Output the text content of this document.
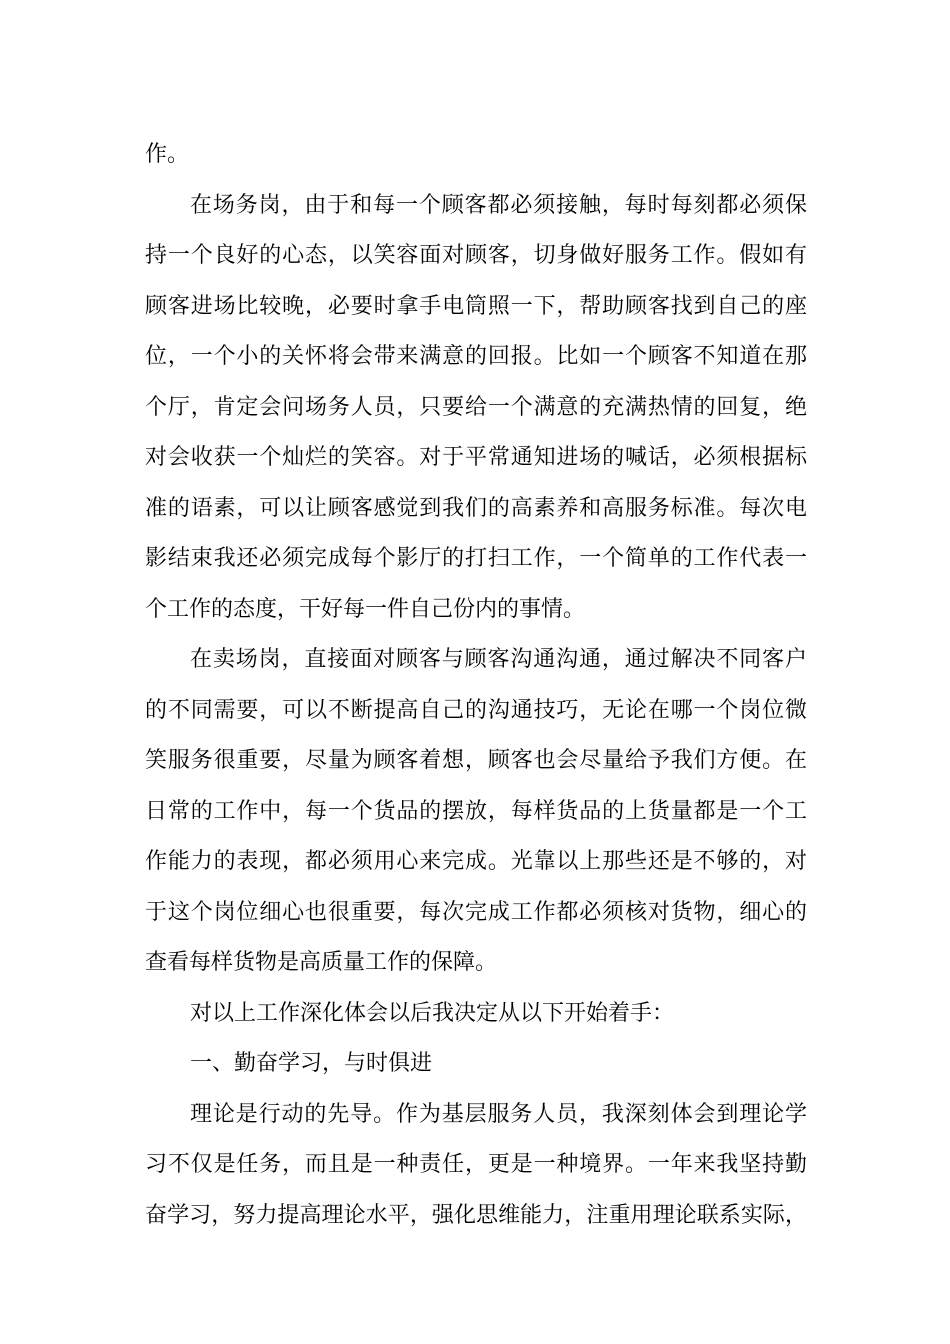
作。
在场务岗，由于和每一个顾客都必须接触，每时每刻都必须保
持一个良好的心态，以笑容面对顾客，切身做好服务工作。假如有
顾客进场比较晚，必要时拿手电筒照一下，帮助顾客找到自己的座
位，一个小的关怀将会带来满意的回报。比如一个顾客不知道在那
个厅，肯定会问场务人员，只要给一个满意的充满热情的回复，绝
对会收获一个灿烂的笑容。对于平常通知进场的喊话，必须根据标
准的语素，可以让顾客感觉到我们的高素养和高服务标准。每次电
影结束我还必须完成每个影厅的打扫工作，一个简单的工作代表一
个工作的态度，干好每一件自己份内的事情。
在卖场岗，直接面对顾客与顾客沟通沟通，通过解决不同客户
的不同需要，可以不断提高自己的沟通技巧，无论在哪一个岗位微
笑服务很重要，尽量为顾客着想，顾客也会尽量给予我们方便。在
日常的工作中，每一个货品的摆放，每样货品的上货量都是一个工
作能力的表现，都必须用心来完成。光靠以上那些还是不够的，对
于这个岗位细心也很重要，每次完成工作都必须核对货物，细心的
查看每样货物是高质量工作的保障。
对以上工作深化体会以后我决定从以下开始着手：
一、勤奋学习，与时俱进
理论是行动的先导。作为基层服务人员，我深刻体会到理论学
习不仅是任务，而且是一种责任，更是一种境界。一年来我坚持勤
奋学习，努力提高理论水平，强化思维能力，注重用理论联系实际，
